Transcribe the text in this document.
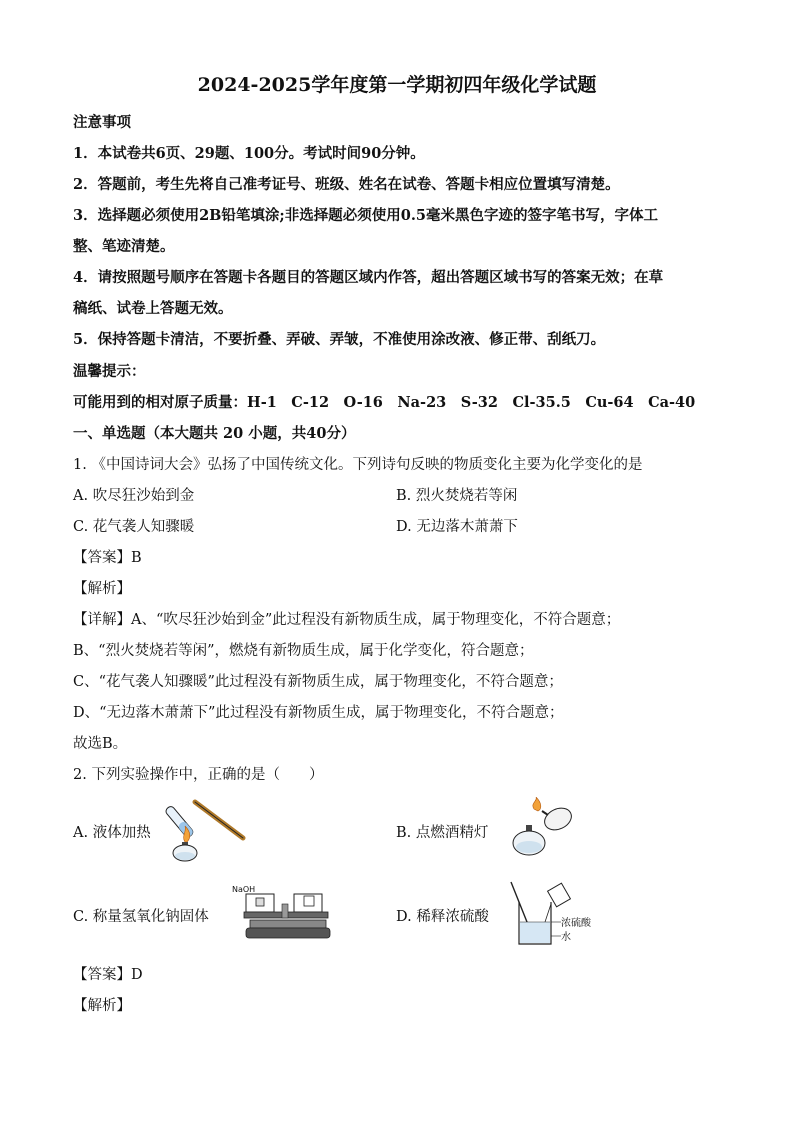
2024-2025学年度第一学期初四年级化学试题
注意事项
1．本试卷共6页、29题、100分。考试时间90分钟。
2．答题前，考生先将自己准考证号、班级、姓名在试卷、答题卡相应位置填写清楚。
3．选择题必须使用2B铅笔填涂;非选择题必须使用0.5毫米黑色字迹的签字笔书写，字体工
整、笔迹清楚。
4．请按照题号顺序在答题卡各题目的答题区域内作答，超出答题区域书写的答案无效；在草
稿纸、试卷上答题无效。
5．保持答题卡清洁，不要折叠、弄破、弄皱，不准使用涂改液、修正带、刮纸刀。
温馨提示：
可能用到的相对原子质量：H-1　C-12　O-16　Na-23　S-32　Cl-35.5　Cu-64　Ca-40
一、单选题（本大题共 20 小题，共40分）
1. 《中国诗词大会》弘扬了中国传统文化。下列诗句反映的物质变化主要为化学变化的是
A. 吹尽狂沙始到金	B. 烈火焚烧若等闲
C. 花气袭人知骤暖	D. 无边落木萧萧下
【答案】B
【解析】
【详解】A、“吹尽狂沙始到金”此过程没有新物质生成，属于物理变化，不符合题意；
B、“烈火焚烧若等闲”，燃烧有新物质生成，属于化学变化，符合题意；
C、“花气袭人知骤暖”此过程没有新物质生成，属于物理变化，不符合题意；
D、“无边落木萧萧下”此过程没有新物质生成，属于物理变化，不符合题意；
故选B。
2. 下列实验操作中，正确的是（　　）
A. 液体加热	B. 点燃酒精灯
C. 称量氢氧化钠固体
NaOH
D. 稀释浓硫酸	浓硫酸
水
【答案】D
【解析】
